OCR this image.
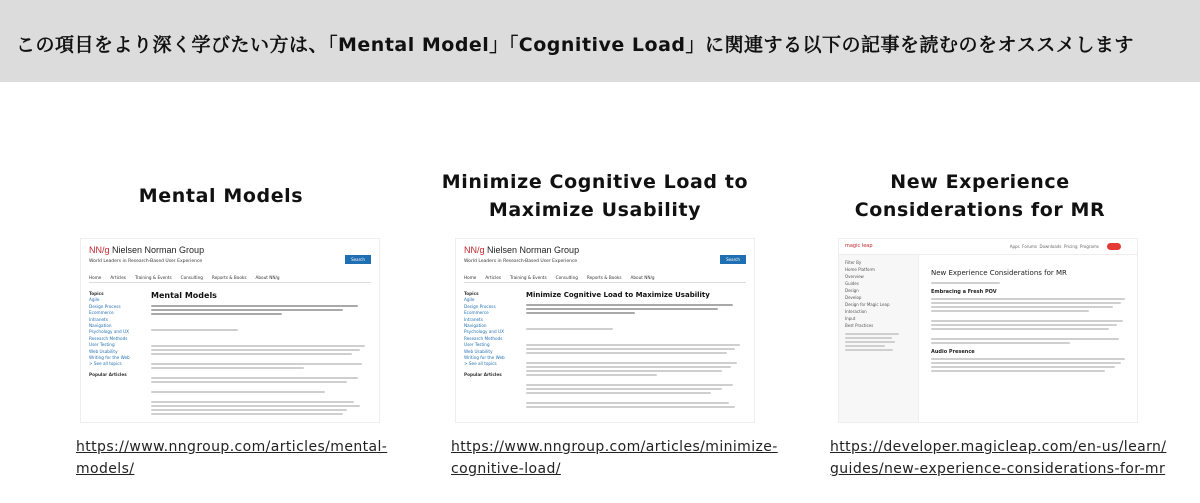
この項目をより深く学びたい方は、「Mental Model」「Cognitive Load」に関連する以下の記事を読むのをオススメします
Mental Models
NN/g Nielsen Norman Group
World Leaders in Research-Based User Experience	Search
Home Articles Training & Events Consulting Reports & Books About NN/g
Topics
Agile
Design Process
Ecommerce
Intranets
Navigation
Psychology and UX
Research Methods
User Testing
Web Usability
Writing for the Web
> See all topics
Popular Articles
Mental Models
https://www.nngroup.com/articles/mental-
models/
Minimize Cognitive Load to
Maximize Usability
NN/g Nielsen Norman Group
World Leaders in Research-Based User Experience	Search
Home Articles Training & Events Consulting Reports & Books About NN/g
Topics
Agile
Design Process
Ecommerce
Intranets
Navigation
Psychology and UX
Research Methods
User Testing
Web Usability
Writing for the Web
> See all topics
Popular Articles
Minimize Cognitive Load to Maximize Usability
https://www.nngroup.com/articles/minimize-
cognitive-load/
New Experience
Considerations for MR
magic leap	Apps Forums Downloads Pricing Programs
Filter By
Home Platform
Overview
Guides
Design
Develop
Design for Magic Leap
Interaction
Input
Best Practices
New Experience Considerations for MR
Embracing a Fresh POV
Audio Presence
https://developer.magicleap.com/en-us/learn/
guides/new-experience-considerations-for-mr
